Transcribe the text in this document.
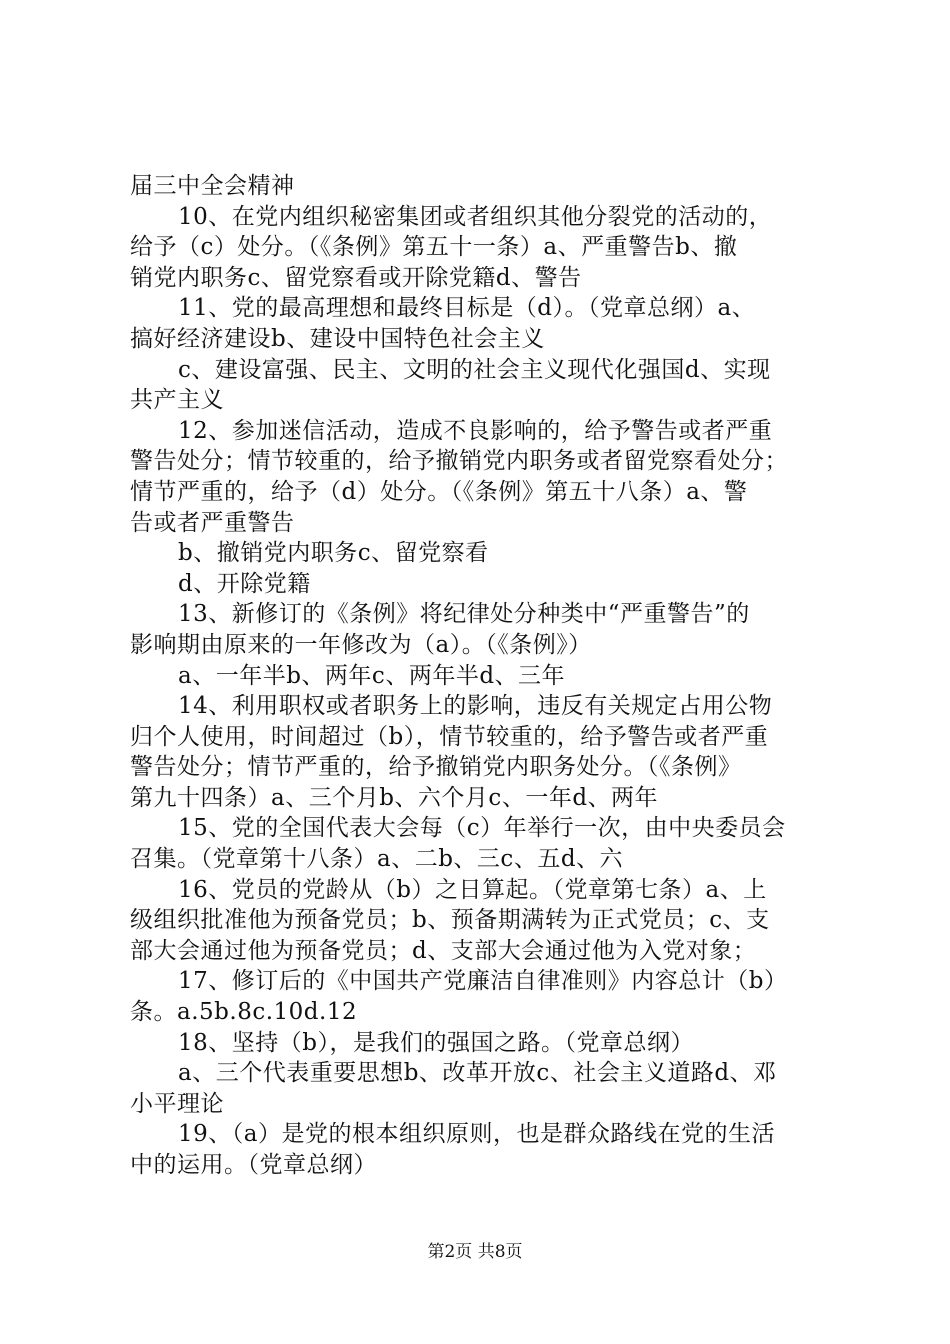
届三中全会精神
10、在党内组织秘密集团或者组织其他分裂党的活动的，
给予（c）处分。（《条例》第五十一条）a、严重警告b、撤
销党内职务c、留党察看或开除党籍d、警告
11、党的最高理想和最终目标是（d）。（党章总纲）a、
搞好经济建设b、建设中国特色社会主义
c、建设富强、民主、文明的社会主义现代化强国d、实现
共产主义
12、参加迷信活动，造成不良影响的，给予警告或者严重
警告处分；情节较重的，给予撤销党内职务或者留党察看处分；
情节严重的，给予（d）处分。（《条例》第五十八条）a、警
告或者严重警告
b、撤销党内职务c、留党察看
d、开除党籍
13、新修订的《条例》将纪律处分种类中“严重警告”的
影响期由原来的一年修改为（a）。（《条例》）
a、一年半b、两年c、两年半d、三年
14、利用职权或者职务上的影响，违反有关规定占用公物
归个人使用，时间超过（b），情节较重的，给予警告或者严重
警告处分；情节严重的，给予撤销党内职务处分。（《条例》
第九十四条）a、三个月b、六个月c、一年d、两年
15、党的全国代表大会每（c）年举行一次，由中央委员会
召集。（党章第十八条）a、二b、三c、五d、六
16、党员的党龄从（b）之日算起。（党章第七条）a、上
级组织批准他为预备党员；b、预备期满转为正式党员；c、支
部大会通过他为预备党员；d、支部大会通过他为入党对象；
17、修订后的《中国共产党廉洁自律准则》内容总计（b）
条。a.5b.8c.10d.12
18、坚持（b），是我们的强国之路。（党章总纲）
a、三个代表重要思想b、改革开放c、社会主义道路d、邓
小平理论
19、（a）是党的根本组织原则，也是群众路线在党的生活
中的运用。（党章总纲）
第2页 共8页
